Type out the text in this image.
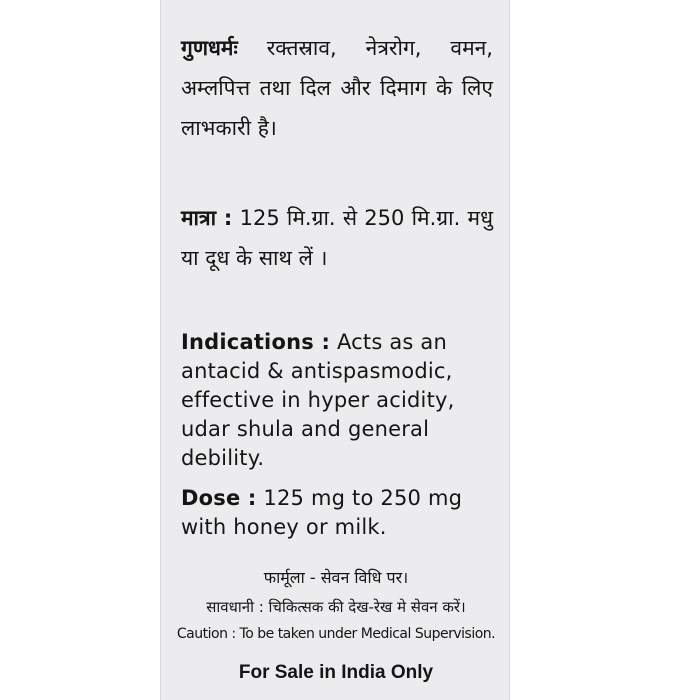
गुणधर्मः रक्तस्राव, नेत्ररोग, वमन, अम्लपित्त तथा दिल और दिमाग के लिए लाभकारी है।

मात्रा : 125 मि.ग्रा. से 250 मि.ग्रा. मधु या दूध के साथ लें ।

Indications : Acts as an antacid & antispasmodic, effective in hyper acidity, udar shula and general debility.

Dose : 125 mg to 250 mg with honey or milk.

फार्मूला - सेवन विधि पर।
सावधानी : चिकित्सक की देख-रेख मे सेवन करें।
Caution : To be taken under Medical Supervision.
For Sale in India Only
